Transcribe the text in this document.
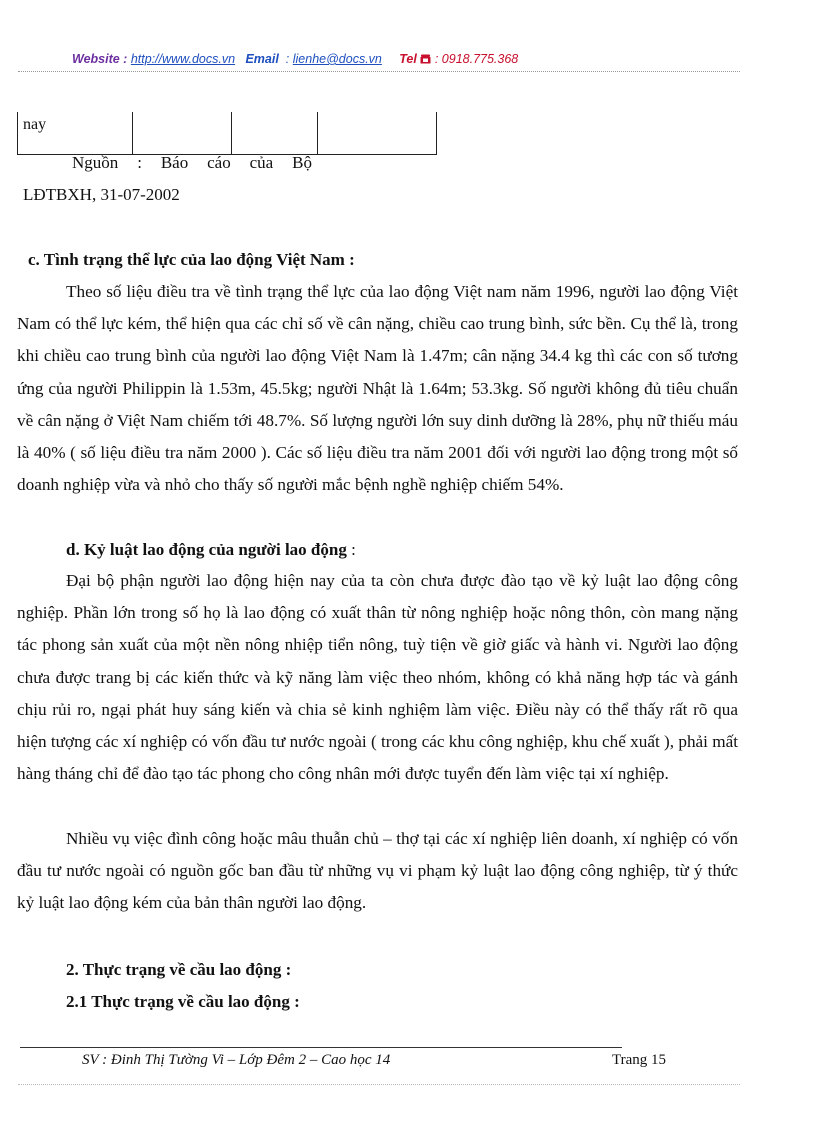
Website : http://www.docs.vn Email : lienhe@docs.vn Tel : 0918.775.368
nay			
Nguồn : Báo cáo của Bộ
LĐTBXH, 31-07-2002
c. Tình trạng thể lực của lao động Việt Nam :

Theo số liệu điều tra về tình trạng thể lực của lao động Việt nam năm 1996, người lao động Việt Nam có thể lực kém, thể hiện qua các chỉ số về cân nặng, chiều cao trung bình, sức bền. Cụ thể là, trong khi chiều cao trung bình của người lao động Việt Nam là 1.47m; cân nặng 34.4 kg thì các con số tương ứng của người Philippin là 1.53m, 45.5kg; người Nhật là 1.64m; 53.3kg. Số người không đủ tiêu chuẩn về cân nặng ở Việt Nam chiếm tới 48.7%. Số lượng người lớn suy dinh dưỡng là 28%, phụ nữ thiếu máu là 40% ( số liệu điều tra năm 2000 ). Các số liệu điều tra năm 2001 đối với người lao động trong một số doanh nghiệp vừa và nhỏ cho thấy số người mắc bệnh nghề nghiệp chiếm 54%.

d. Kỷ luật lao động của người lao động :

Đại bộ phận người lao động hiện nay của ta còn chưa được đào tạo về kỷ luật lao động công nghiệp. Phần lớn trong số họ là lao động có xuất thân từ nông nghiệp hoặc nông thôn, còn mang nặng tác phong sản xuất của một nền nông nhiệp tiển nông, tuỳ tiện về giờ giấc và hành vi. Người lao động chưa được trang bị các kiến thức và kỹ năng làm việc theo nhóm, không có khả năng hợp tác và gánh chịu rủi ro, ngại phát huy sáng kiến và chia sẻ kinh nghiệm làm việc. Điều này có thể thấy rất rõ qua hiện tượng các xí nghiệp có vốn đầu tư nước ngoài ( trong các khu công nghiệp, khu chế xuất ), phải mất hàng tháng chỉ để đào tạo tác phong cho công nhân mới được tuyển đến làm việc tại xí nghiệp.

Nhiều vụ việc đình công hoặc mâu thuẫn chủ – thợ tại các xí nghiệp liên doanh, xí nghiệp có vốn đầu tư nước ngoài có nguồn gốc ban đầu từ những vụ vi phạm kỷ luật lao động công nghiệp, từ ý thức kỷ luật lao động kém của bản thân người lao động.

2. Thực trạng về cầu lao động :
2.1 Thực trạng về cầu lao động :
SV : Đinh Thị Tường Vi – Lớp Đêm 2 – Cao học 14	Trang 15
